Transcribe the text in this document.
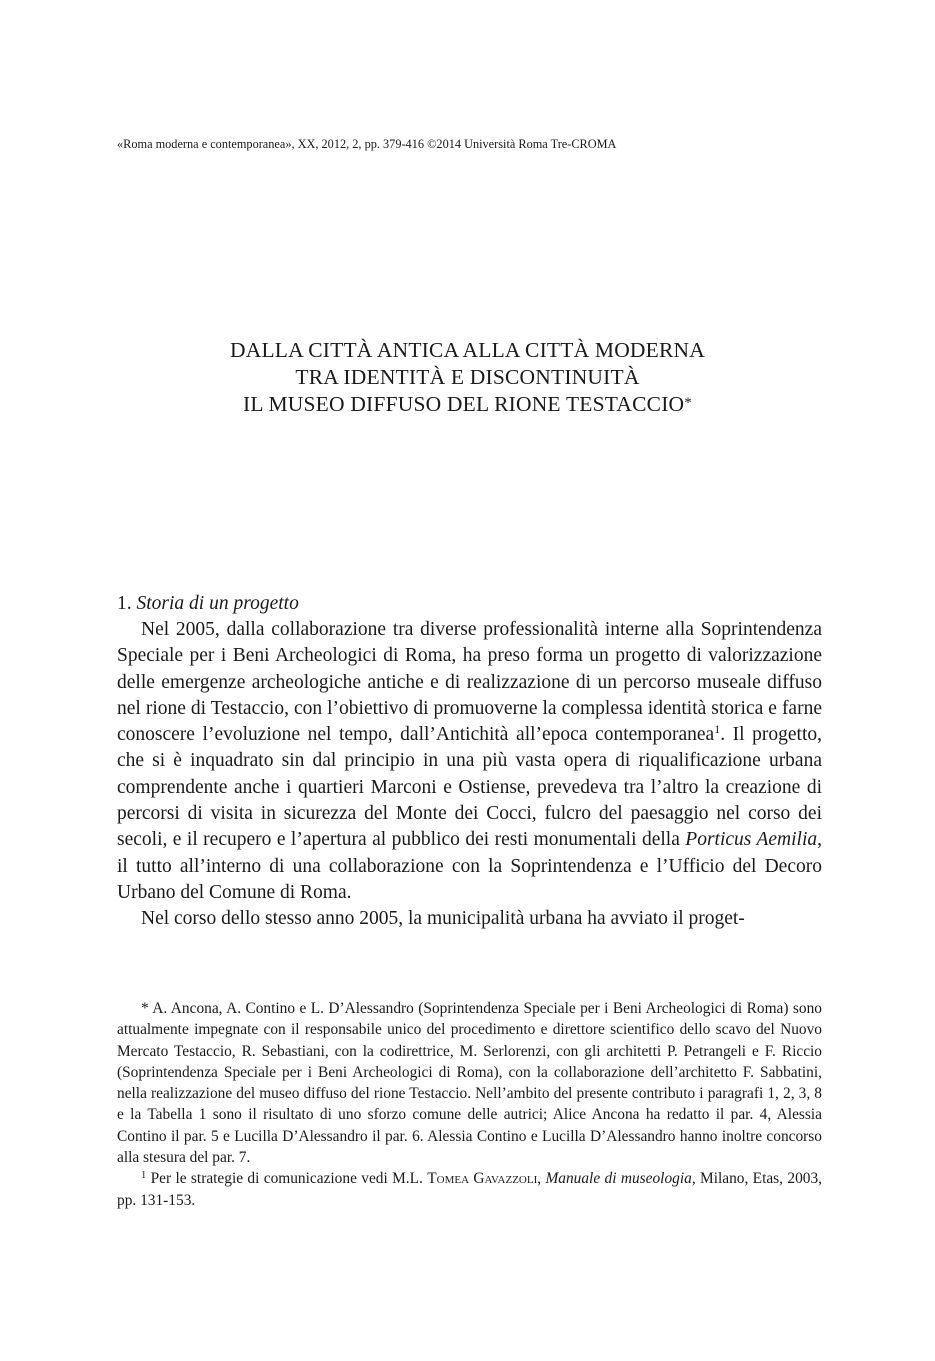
«Roma moderna e contemporanea», XX, 2012, 2, pp. 379-416 ©2014 Università Roma Tre-CROMA
DALLA CITTÀ ANTICA ALLA CITTÀ MODERNA
TRA IDENTITÀ E DISCONTINUITÀ
IL MUSEO DIFFUSO DEL RIONE TESTACCIO*
1. Storia di un progetto

Nel 2005, dalla collaborazione tra diverse professionalità interne alla Soprintendenza Speciale per i Beni Archeologici di Roma, ha preso forma un progetto di valorizzazione delle emergenze archeologiche antiche e di realizzazione di un percorso museale diffuso nel rione di Testaccio, con l’obiettivo di promuoverne la complessa identità storica e farne conoscere l’evoluzione nel tempo, dall’Antichità all’epoca contemporanea$^1$. Il progetto, che si è inquadrato sin dal principio in una più vasta opera di riqualificazione urbana comprendente anche i quartieri Marconi e Ostiense, prevedeva tra l’altro la creazione di percorsi di visita in sicurezza del Monte dei Cocci, fulcro del paesaggio nel corso dei secoli, e il recupero e l’apertura al pubblico dei resti monumentali della Porticus Aemilia, il tutto all’interno di una collaborazione con la Soprintendenza e l’Ufficio del Decoro Urbano del Comune di Roma.

Nel corso dello stesso anno 2005, la municipalità urbana ha avviato il proget-

* A. Ancona, A. Contino e L. D’Alessandro (Soprintendenza Speciale per i Beni Archeologici di Roma) sono attualmente impegnate con il responsabile unico del procedimento e direttore scientifico dello scavo del Nuovo Mercato Testaccio, R. Sebastiani, con la codirettrice, M. Serlorenzi, con gli architetti P. Petrangeli e F. Riccio (Soprintendenza Speciale per i Beni Archeologici di Roma), con la collaborazione dell’architetto F. Sabbatini, nella realizzazione del museo diffuso del rione Testaccio. Nell’ambito del presente contributo i paragrafi 1, 2, 3, 8 e la Tabella 1 sono il risultato di uno sforzo comune delle autrici; Alice Ancona ha redatto il par. 4, Alessia Contino il par. 5 e Lucilla D’Alessandro il par. 6. Alessia Contino e Lucilla D’Alessandro hanno inoltre concorso alla stesura del par. 7.

$^1$ Per le strategie di comunicazione vedi M.L. Tomea Gavazzoli, Manuale di museologia, Milano, Etas, 2003, pp. 131-153.
